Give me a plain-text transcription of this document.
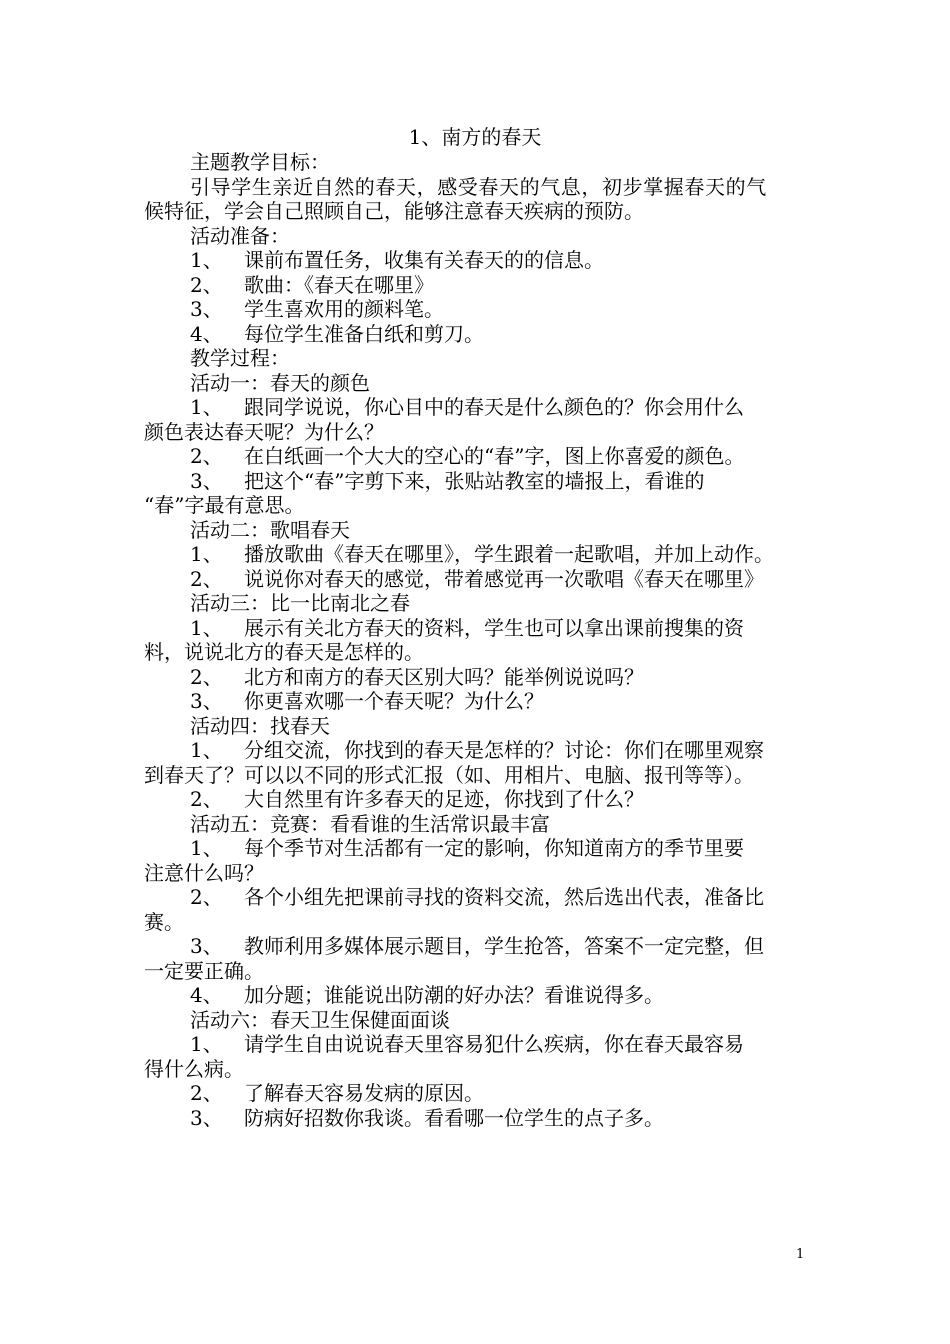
1、南方的春天
主题教学目标：
引导学生亲近自然的春天，感受春天的气息，初步掌握春天的气
候特征，学会自己照顾自己，能够注意春天疾病的预防。
活动准备：
1、 课前布置任务，收集有关春天的的信息。
2、 歌曲：《春天在哪里》
3、 学生喜欢用的颜料笔。
4、 每位学生准备白纸和剪刀。
教学过程：
活动一：春天的颜色
1、 跟同学说说，你心目中的春天是什么颜色的？你会用什么
颜色表达春天呢？为什么？
2、 在白纸画一个大大的空心的“春”字，图上你喜爱的颜色。
3、 把这个“春”字剪下来，张贴站教室的墙报上，看谁的
“春”字最有意思。
活动二：歌唱春天
1、 播放歌曲《春天在哪里》，学生跟着一起歌唱，并加上动作。
2、 说说你对春天的感觉，带着感觉再一次歌唱《春天在哪里》
活动三：比一比南北之春
1、 展示有关北方春天的资料，学生也可以拿出课前搜集的资
料，说说北方的春天是怎样的。
2、 北方和南方的春天区别大吗？能举例说说吗？
3、 你更喜欢哪一个春天呢？为什么？
活动四：找春天
1、 分组交流，你找到的春天是怎样的？讨论：你们在哪里观察
到春天了？可以以不同的形式汇报（如、用相片、电脑、报刊等等）。
2、 大自然里有许多春天的足迹，你找到了什么？
活动五：竞赛：看看谁的生活常识最丰富
1、 每个季节对生活都有一定的影响，你知道南方的季节里要
注意什么吗？
2、 各个小组先把课前寻找的资料交流，然后选出代表，准备比
赛。
3、 教师利用多媒体展示题目，学生抢答，答案不一定完整，但
一定要正确。
4、 加分题；谁能说出防潮的好办法？看谁说得多。
活动六：春天卫生保健面面谈
1、 请学生自由说说春天里容易犯什么疾病，你在春天最容易
得什么病。
2、 了解春天容易发病的原因。
3、 防病好招数你我谈。看看哪一位学生的点子多。
1
